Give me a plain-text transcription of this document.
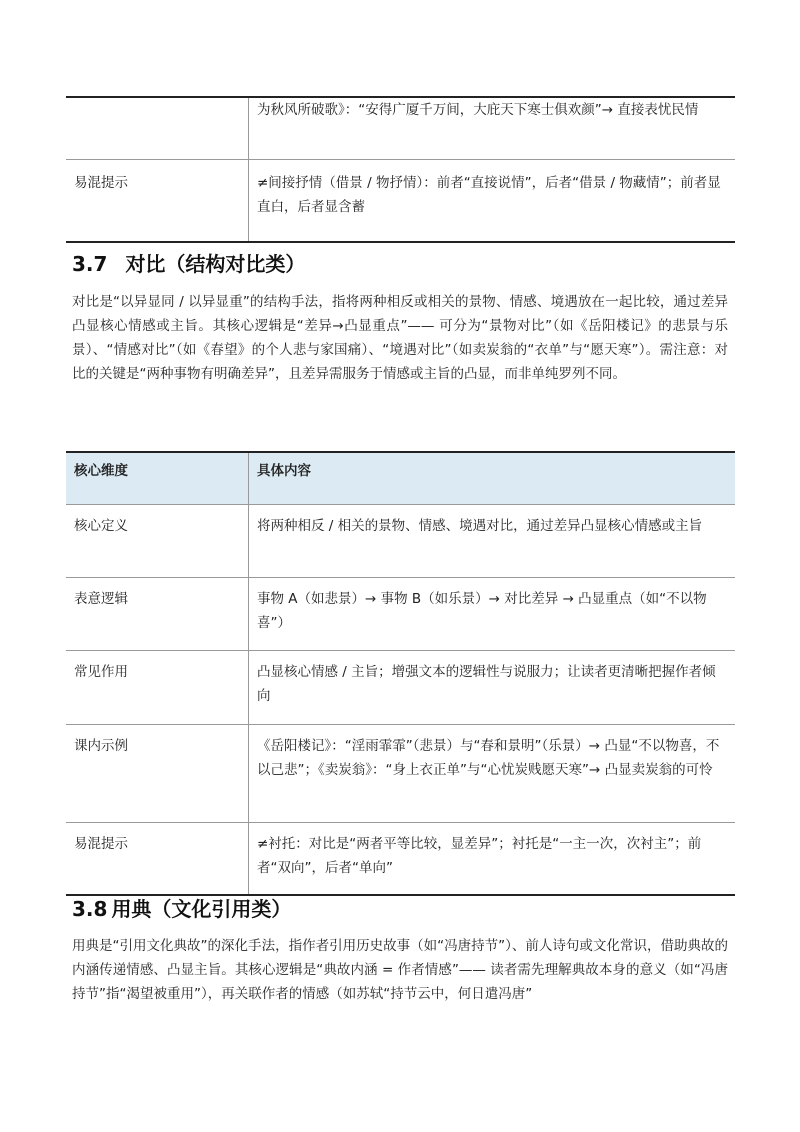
	为秋风所破歌》：“安得广厦千万间，大庇天下寒士俱欢颜”→ 直接表忧民情
易混提示	≠间接抒情（借景 / 物抒情）：前者“直接说情”，后者“借景 / 物藏情”；前者显直白，后者显含蓄
3.7 对比（结构对比类）

对比是“以异显同 / 以异显重”的结构手法，指将两种相反或相关的景物、情感、境遇放在一起比较，通过差异凸显核心情感或主旨。其核心逻辑是“差异→凸显重点”—— 可分为“景物对比”（如《岳阳楼记》的悲景与乐景）、“情感对比”（如《春望》的个人悲与家国痛）、“境遇对比”（如卖炭翁的“衣单”与“愿天寒”）。需注意：对比的关键是“两种事物有明确差异”，且差异需服务于情感或主旨的凸显，而非单纯罗列不同。

核心维度	具体内容
核心定义	将两种相反 / 相关的景物、情感、境遇对比，通过差异凸显核心情感或主旨
表意逻辑	事物 A（如悲景）→ 事物 B（如乐景）→ 对比差异 → 凸显重点（如“不以物喜”）
常见作用	凸显核心情感 / 主旨；增强文本的逻辑性与说服力；让读者更清晰把握作者倾向
课内示例	《岳阳楼记》：“淫雨霏霏”（悲景）与“春和景明”（乐景）→ 凸显“不以物喜，不以己悲”；《卖炭翁》：“身上衣正单”与“心忧炭贱愿天寒”→ 凸显卖炭翁的可怜
易混提示	≠衬托：对比是“两者平等比较，显差异”；衬托是“一主一次，次衬主”；前者“双向”，后者“单向”
3.8 用典（文化引用类）

用典是“引用文化典故”的深化手法，指作者引用历史故事（如“冯唐持节”）、前人诗句或文化常识，借助典故的内涵传递情感、凸显主旨。其核心逻辑是“典故内涵 = 作者情感”—— 读者需先理解典故本身的意义（如“冯唐持节”指“渴望被重用”），再关联作者的情感（如苏轼“持节云中，何日遣冯唐”
